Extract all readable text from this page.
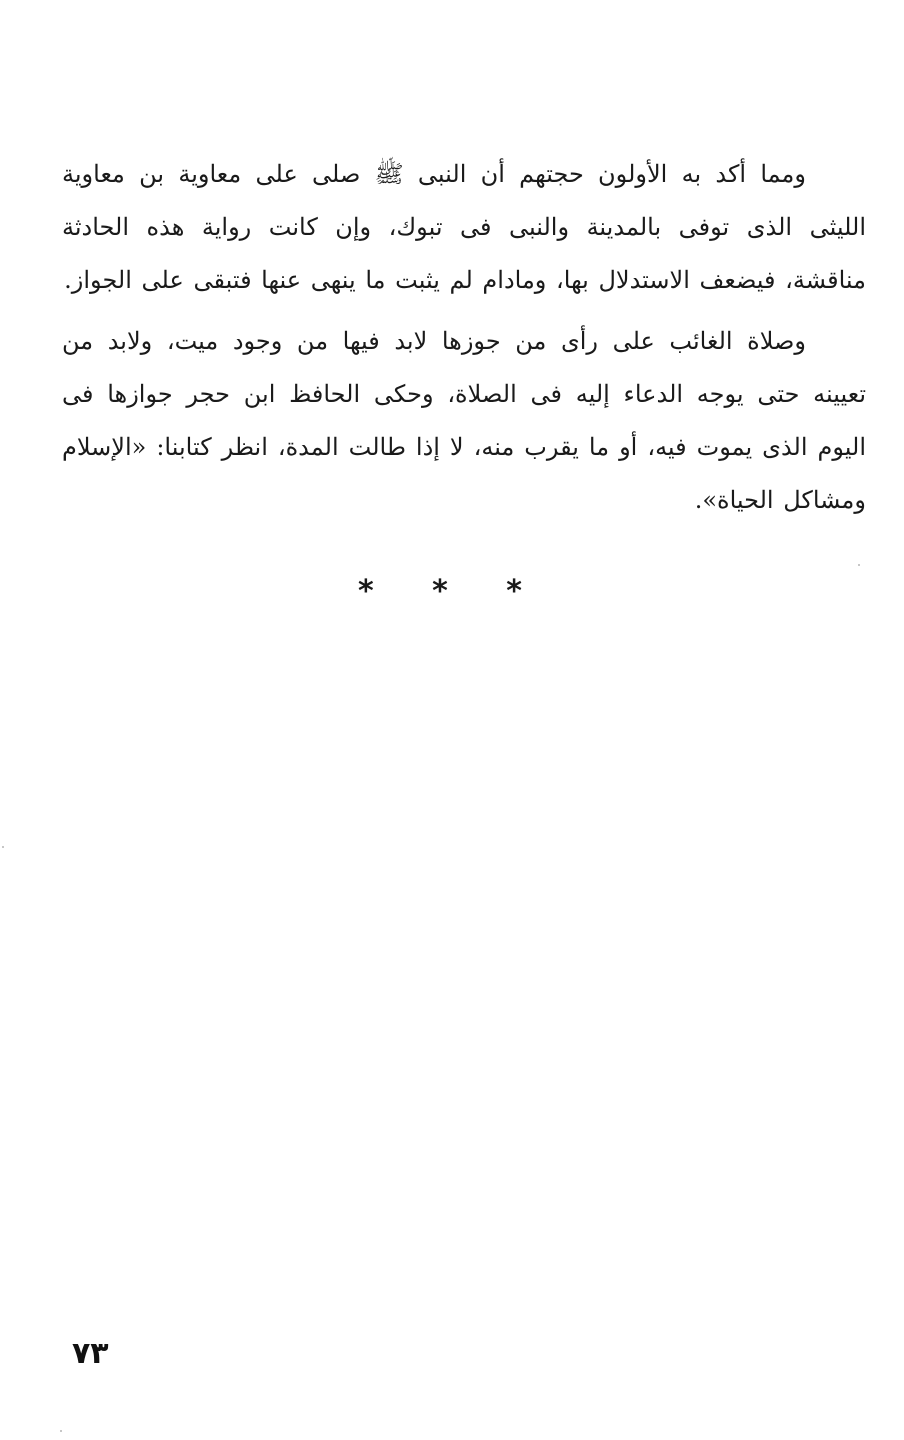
ومما أكد به الأولون حجتهم أن النبى ﷺ صلى على معاوية بن معاوية الليثى الذى توفى بالمدينة والنبى فى تبوك، وإن كانت رواية هذه الحادثة مناقشة، فيضعف الاستدلال بها، ومادام لم يثبت ما ينهى عنها فتبقى على الجواز.

وصلاة الغائب على رأى من جوزها لابد فيها من وجود ميت، ولابد من تعيينه حتى يوجه الدعاء إليه فى الصلاة، وحكى الحافظ ابن حجر جوازها فى اليوم الذى يموت فيه، أو ما يقرب منه، لا إذا طالت المدة، انظر كتابنا: «الإسلام ومشاكل الحياة».

* * *
٧٣
